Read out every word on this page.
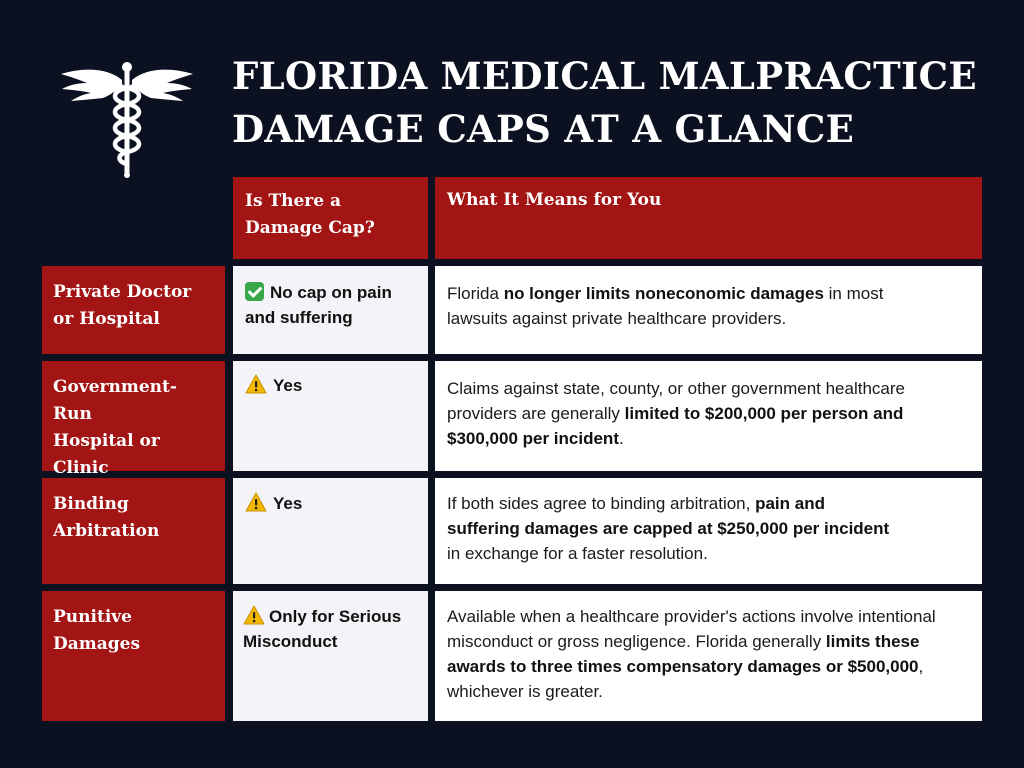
FLORIDA MEDICAL MALPRACTICE
DAMAGE CAPS AT A GLANCE
Is There a Damage Cap?
What It Means for You
Private Doctor
or Hospital
No cap on pain and suffering
Florida no longer limits noneconomic damages in most lawsuits against private healthcare providers.
Government-Run
Hospital or Clinic
Yes	Claims against state, county, or other government healthcare providers are generally limited to $200,000 per person and $300,000 per incident.
Binding
Arbitration
Yes	If both sides agree to binding arbitration, pain and suffering damages are capped at $250,000 per incident in exchange for a faster resolution.
Punitive
Damages
Only for Serious Misconduct
Available when a healthcare provider's actions involve intentional misconduct or gross negligence. Florida generally limits these awards to three times compensatory damages or $500,000, whichever is greater.
